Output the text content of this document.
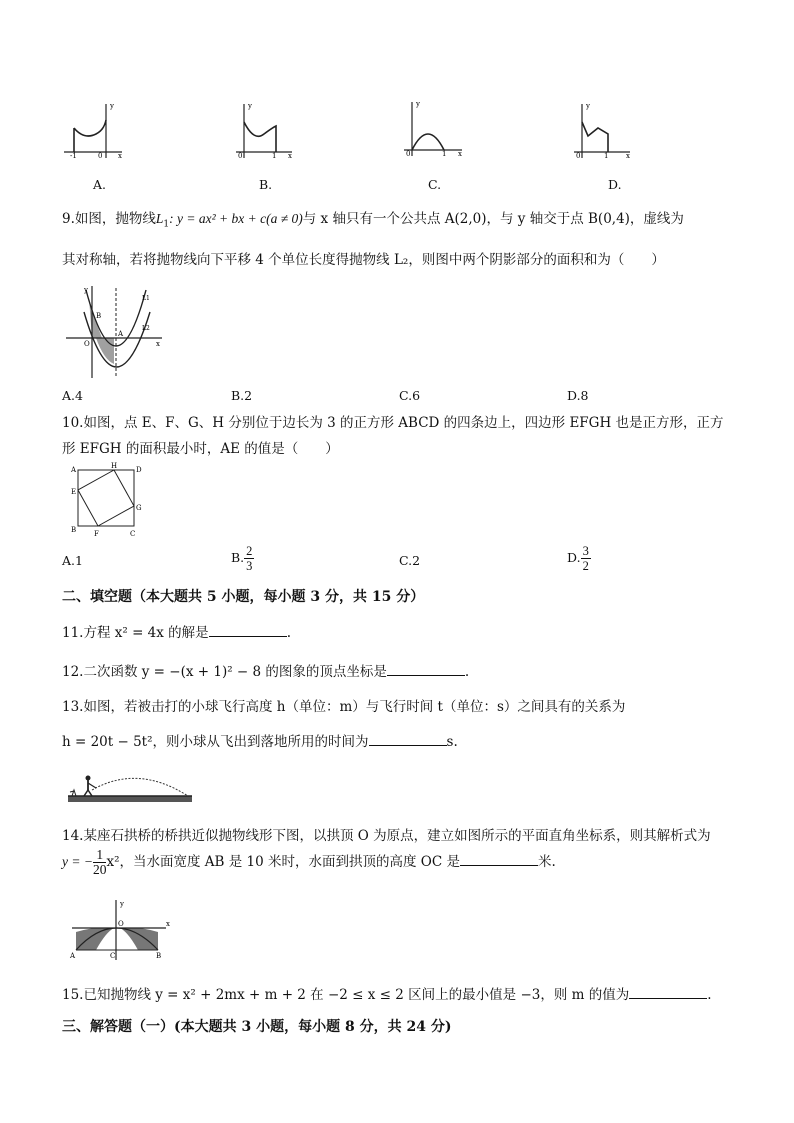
-1	0
y
x	0	1
y
x	0	1
y
x	0	1
y
x
A.	B.	C.	D.
9.如图，抛物线$L_1$: y = ax² + bx + c(a ≠ 0)与 x 轴只有一个公共点 A(2,0)，与 y 轴交于点 B(0,4)，虚线为
其对称轴，若将抛物线向下平移 4 个单位长度得抛物线 L₂，则图中两个阴影部分的面积和为（　　）
y
B
A
O	x
L1
L2
A.4	B.2	C.6	D.8
10.如图，点 E、F、G、H 分别位于边长为 3 的正方形 ABCD 的四条边上，四边形 EFGH 也是正方形，正方
形 EFGH 的面积最小时，AE 的值是（　　）
A	H	D
E
G
B	F	C
A.1	B. $\frac{2}{3}$	C.2	D. $\frac{3}{2}$
二、填空题（本大题共 5 小题，每小题 3 分，共 15 分）
11.方程 x² = 4x 的解是	.
12.二次函数 y = −(x + 1)² − 8 的图象的顶点坐标是	.
13.如图，若被击打的小球飞行高度 h（单位：m）与飞行时间 t（单位：s）之间具有的关系为
h = 20t − 5t²，则小球从飞出到落地所用的时间为	s.
14.某座石拱桥的桥拱近似抛物线形下图，以拱顶 O 为原点，建立如图所示的平面直角坐标系，则其解析式为
y = − $\frac{1}{20} x^2$，当水面宽度 AB 是 10 米时，水面到拱顶的高度 OC 是	米.
y
O	x
A	C	B
15.已知抛物线 y = x² + 2mx + m + 2 在 −2 ≤ x ≤ 2 区间上的最小值是 −3，则 m 的值为	.
三、解答题（一）(本大题共 3 小题，每小题 8 分，共 24 分)
